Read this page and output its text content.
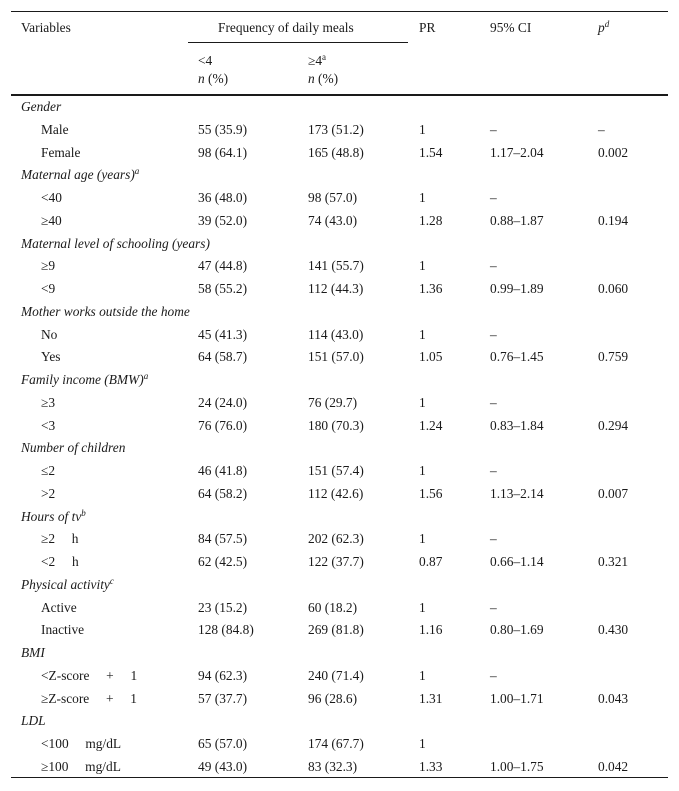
Variables	Frequency of daily meals	PR	95% CI	$p^d$
<4	$\ge 4^a$
n (%)	n (%)
Gender
Male	55 (35.9)	173 (51.2)	1	–	–
Female	98 (64.1)	165 (48.8)	1.54	1.17–2.04	0.002
Maternal age (years)$^a$
<40	36 (48.0)	98 (57.0)	1	–
≥40	39 (52.0)	74 (43.0)	1.28	0.88–1.87	0.194
Maternal level of schooling (years)
≥9	47 (44.8)	141 (55.7)	1	–
<9	58 (55.2)	112 (44.3)	1.36	0.99–1.89	0.060
Mother works outside the home
No	45 (41.3)	114 (43.0)	1	–
Yes	64 (58.7)	151 (57.0)	1.05	0.76–1.45	0.759
Family income (BMW)$^a$
≥3	24 (24.0)	76 (29.7)	1	–
<3	76 (76.0)	180 (70.3)	1.24	0.83–1.84	0.294
Number of children
≤2	46 (41.8)	151 (57.4)	1	–
>2	64 (58.2)	112 (42.6)	1.56	1.13–2.14	0.007
Hours of $tv^b$
≥2     h	84 (57.5)	202 (62.3)	1	–
<2     h	62 (42.5)	122 (37.7)	0.87	0.66–1.14	0.321
Physical activity$^c$
Active	23 (15.2)	60 (18.2)	1	–
Inactive	128 (84.8)	269 (81.8)	1.16	0.80–1.69	0.430
BMI
<Z-score     +     1	94 (62.3)	240 (71.4)	1	–
≥Z-score     +     1	57 (37.7)	96 (28.6)	1.31	1.00–1.71	0.043
LDL
<100     mg/dL	65 (57.0)	174 (67.7)	1
≥100     mg/dL	49 (43.0)	83 (32.3)	1.33	1.00–1.75	0.042
